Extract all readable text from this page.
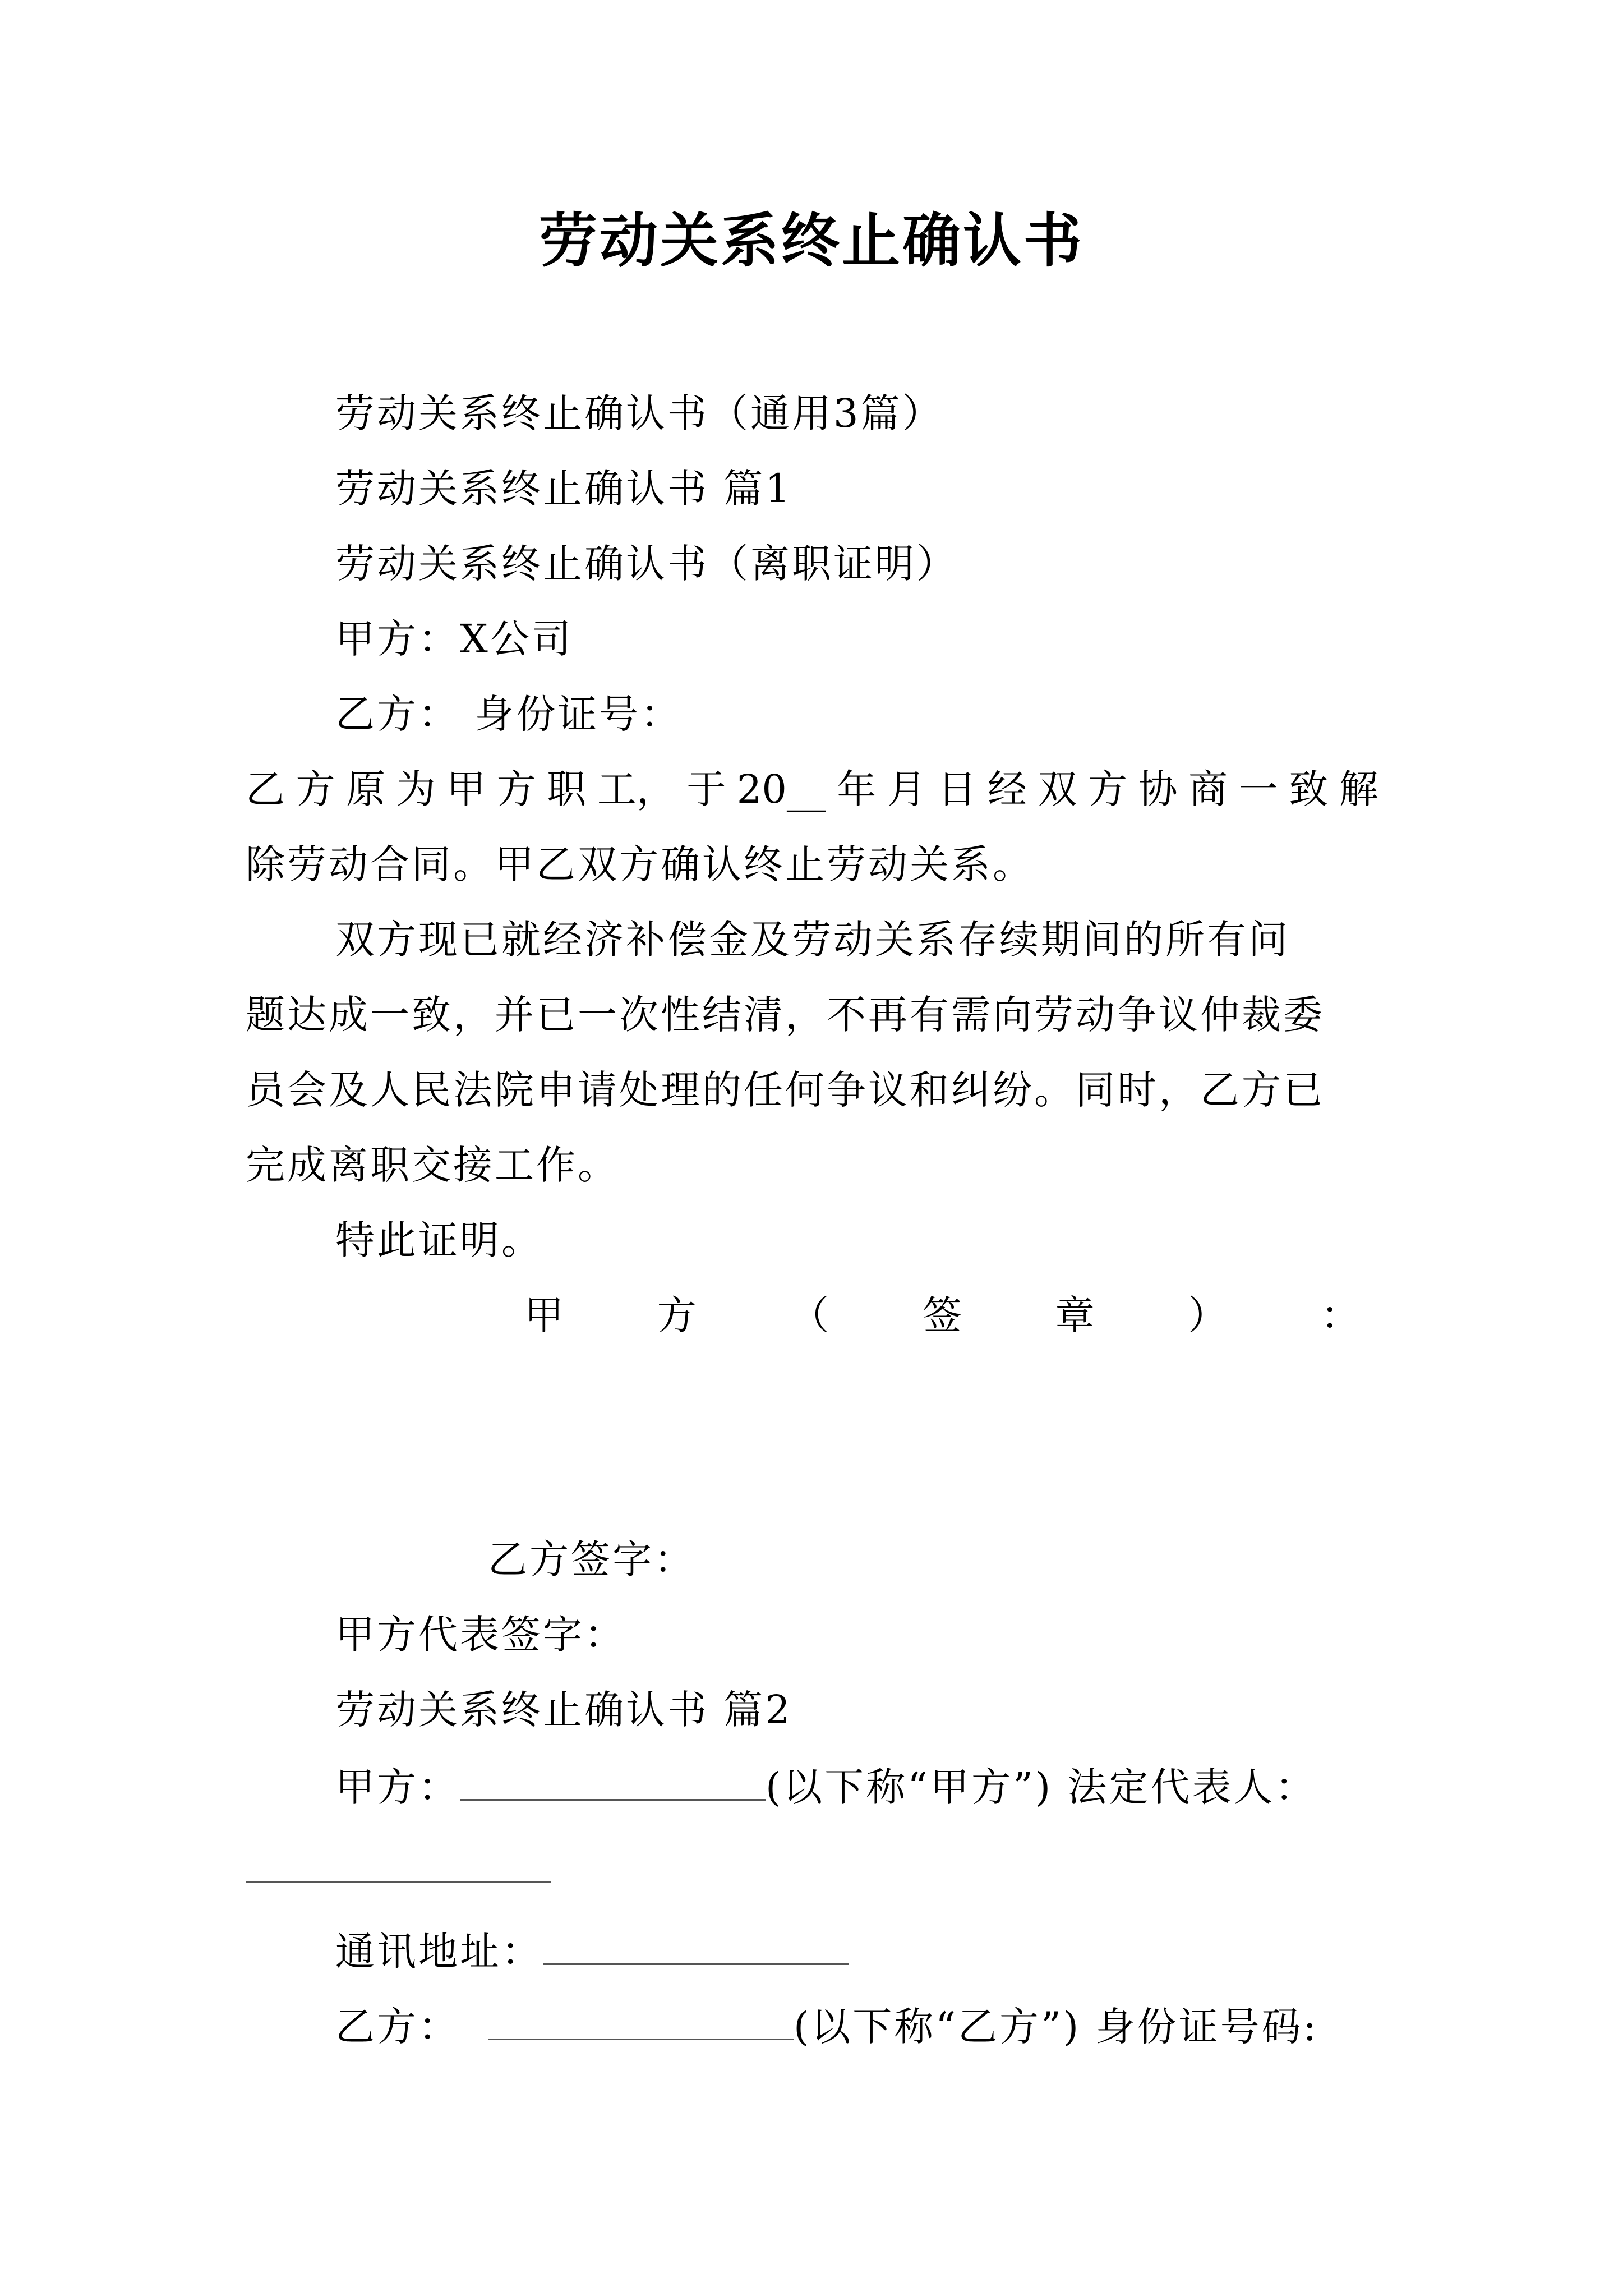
劳动关系终止确认书
劳动关系终止确认书（通用3篇）
劳动关系终止确认书 篇1
劳动关系终止确认书（离职证明）
甲方：X公司
乙方： 身份证号：
乙 方 原 为 甲 方 职 工， 于 20__ 年 月 日 经 双 方 协 商 一 致 解
除劳动合同。甲乙双方确认终止劳动关系。
双方现已就经济补偿金及劳动关系存续期间的所有问
题达成一致，并已一次性结清，不再有需向劳动争议仲裁委
员会及人民法院申请处理的任何争议和纠纷。同时，乙方已
完成离职交接工作。
特此证明。
甲 方 （ 签 章 ） ：
乙方签字：
甲方代表签字：
劳动关系终止确认书 篇2
甲方：	(以下称“甲方”) 法定代表人：
通讯地址：
乙方：	(以下称“乙方”) 身份证号码:
